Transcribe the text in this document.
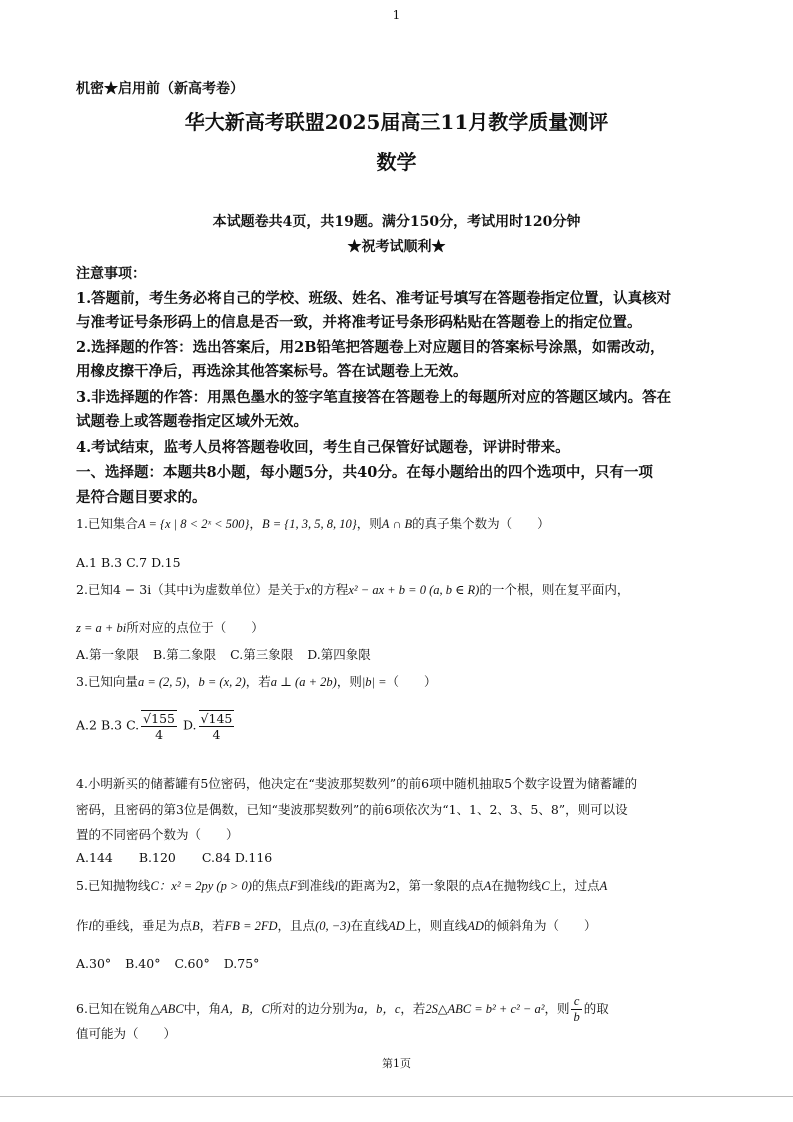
1
机密★启用前（新高考卷）
华大新高考联盟2025届高三11月教学质量测评
数学
本试题卷共4页，共19题。满分150分，考试用时120分钟
★祝考试顺利★
注意事项：
1.答题前，考生务必将自己的学校、班级、姓名、准考证号填写在答题卷指定位置，认真核对
与准考证号条形码上的信息是否一致，并将准考证号条形码粘贴在答题卷上的指定位置。
2.选择题的作答：选出答案后，用2B铅笔把答题卷上对应题目的答案标号涂黑，如需改动，
用橡皮擦干净后，再选涂其他答案标号。答在试题卷上无效。
3.非选择题的作答：用黑色墨水的签字笔直接答在答题卷上的每题所对应的答题区域内。答在
试题卷上或答题卷指定区域外无效。
4.考试结束，监考人员将答题卷收回，考生自己保管好试题卷，评讲时带来。
一、选择题：本题共8小题，每小题5分，共40分。在每小题给出的四个选项中，只有一项
是符合题目要求的。
1.已知集合A = {x | 8 < 2ˣ < 500}，B = {1, 3, 5, 8, 10}，则A ∩ B的真子集个数为（　　）
A.1 B.3 C.7 D.15
2.已知4 − 3i（其中i为虚数单位）是关于x的方程x² − ax + b = 0 (a, b ∈ R)的一个根，则在复平面内，
z = a + bi所对应的点位于（　　）
A.第一象限 B.第二象限 C.第三象限 D.第四象限
3.已知向量a = (2, 5)，b = (x, 2)，若a ⊥ (a + 2b)，则|b| =（　　）
A.2 B.3 C. $\frac{√155}{4} D$. $\frac{√145}{4}$
4.小明新买的储蓄罐有5位密码，他决定在“斐波那契数列”的前6项中随机抽取5个数字设置为储蓄罐的
密码，且密码的第3位是偶数，已知“斐波那契数列”的前6项依次为“1、1、2、3、5、8”，则可以设
置的不同密码个数为（　　）
A.144 B.120 C.84 D.116
5.已知抛物线C：x² = 2py (p > 0)的焦点F到准线l的距离为2，第一象限的点A在抛物线C上，过点A
作l的垂线，垂足为点B，若FB = 2FD，且点(0, −3)在直线AD上，则直线AD的倾斜角为（　　）
A.30° B.40° C.60° D.75°
6.已知在锐角△ABC中，角A，B，C所对的边分别为a，b，c，若2S△ABC = b² + c² − a²，则 $\frac{c}{b}$ 的取
值可能为（　　）
第1页
